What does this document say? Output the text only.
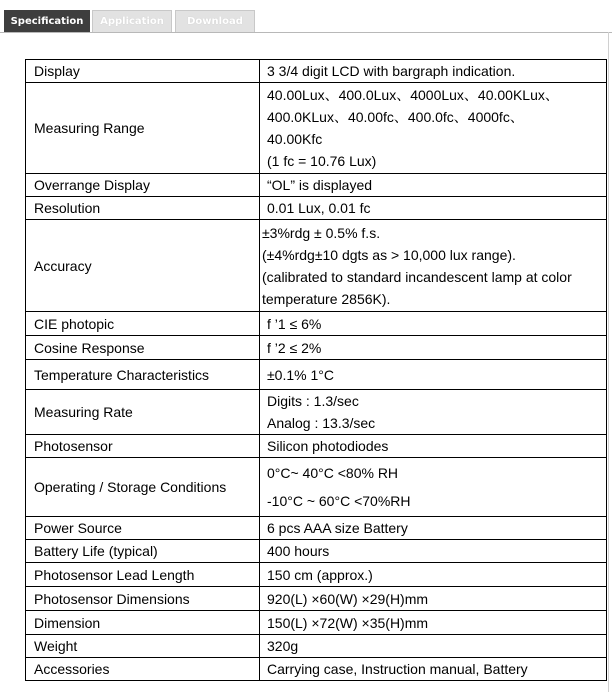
Specification	Application	Download
Display	3 3/4 digit LCD with bargraph indication.

Measuring Range	40.00Lux、400.0Lux、4000Lux、40.00KLux、
400.0KLux、40.00fc、400.0fc、4000fc、
40.00Kfc
(1 fc = 10.76 Lux)

Overrange Display	“OL” is displayed

Resolution	0.01 Lux, 0.01 fc

Accuracy	±3%rdg ± 0.5% f.s.
(±4%rdg±10 dgts as > 10,000 lux range).
(calibrated to standard incandescent lamp at color
temperature 2856K).

CIE photopic	f ’1 ≤ 6%

Cosine Response	f ’2 ≤ 2%

Temperature Characteristics	±0.1% 1°C

Measuring Rate	Digits : 1.3/sec
Analog : 13.3/sec

Photosensor	Silicon photodiodes

Operating / Storage Conditions	0°C~ 40°C <80% RH
-10°C ~ 60°C <70%RH

Power Source	6 pcs AAA size Battery

Battery Life (typical)	400 hours

Photosensor Lead Length	150 cm (approx.)

Photosensor Dimensions	920(L) ×60(W) ×29(H)mm

Dimension	150(L) ×72(W) ×35(H)mm

Weight	320g

Accessories	Carrying case, Instruction manual, Battery
